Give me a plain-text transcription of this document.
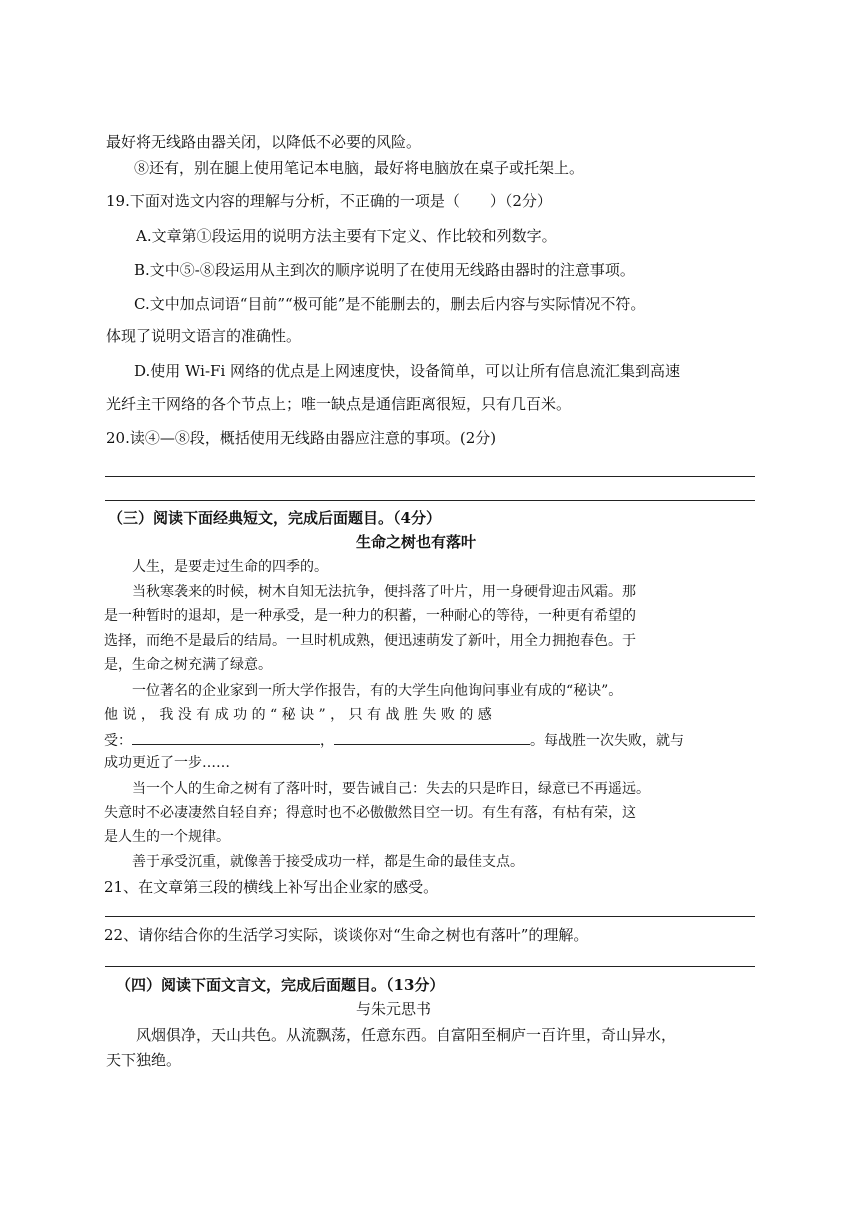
最好将无线路由器关闭，以降低不必要的风险。
⑧还有，别在腿上使用笔记本电脑，最好将电脑放在桌子或托架上。
19.下面对选文内容的理解与分析，不正确的一项是（　　）（2分）
A.文章第①段运用的说明方法主要有下定义、作比较和列数字。
B.文中⑤-⑧段运用从主到次的顺序说明了在使用无线路由器时的注意事项。
C.文中加点词语“目前”“极可能”是不能删去的，删去后内容与实际情况不符。
体现了说明文语言的准确性。
D.使用 Wi-Fi 网络的优点是上网速度快，设备简单，可以让所有信息流汇集到高速
光纤主干网络的各个节点上；唯一缺点是通信距离很短，只有几百米。
20.读④—⑧段，概括使用无线路由器应注意的事项。(2分)
（三）阅读下面经典短文，完成后面题目。（4分）
生命之树也有落叶
人生，是要走过生命的四季的。
当秋寒袭来的时候，树木自知无法抗争，便抖落了叶片，用一身硬骨迎击风霜。那
是一种暂时的退却，是一种承受，是一种力的积蓄，一种耐心的等待，一种更有希望的
选择，而绝不是最后的结局。一旦时机成熟，便迅速萌发了新叶，用全力拥抱春色。于
是，生命之树充满了绿意。
一位著名的企业家到一所大学作报告，有的大学生向他询问事业有成的“秘诀”。
他 说 ， 我 没 有 成 功 的 “ 秘 诀 ” ， 只 有 战 胜 失 败 的 感
受：	，	。每战胜一次失败，就与
成功更近了一步……
当一个人的生命之树有了落叶时，要告诫自己：失去的只是昨日，绿意已不再遥远。
失意时不必凄凄然自轻自弃；得意时也不必傲傲然目空一切。有生有落，有枯有荣，这
是人生的一个规律。
善于承受沉重，就像善于接受成功一样，都是生命的最佳支点。
21、在文章第三段的横线上补写出企业家的感受。
22、请你结合你的生活学习实际，谈谈你对“生命之树也有落叶”的理解。
（四）阅读下面文言文，完成后面题目。（13分）
与朱元思书
风烟俱净，天山共色。从流飘荡，任意东西。自富阳至桐庐一百许里，奇山异水，
天下独绝。
